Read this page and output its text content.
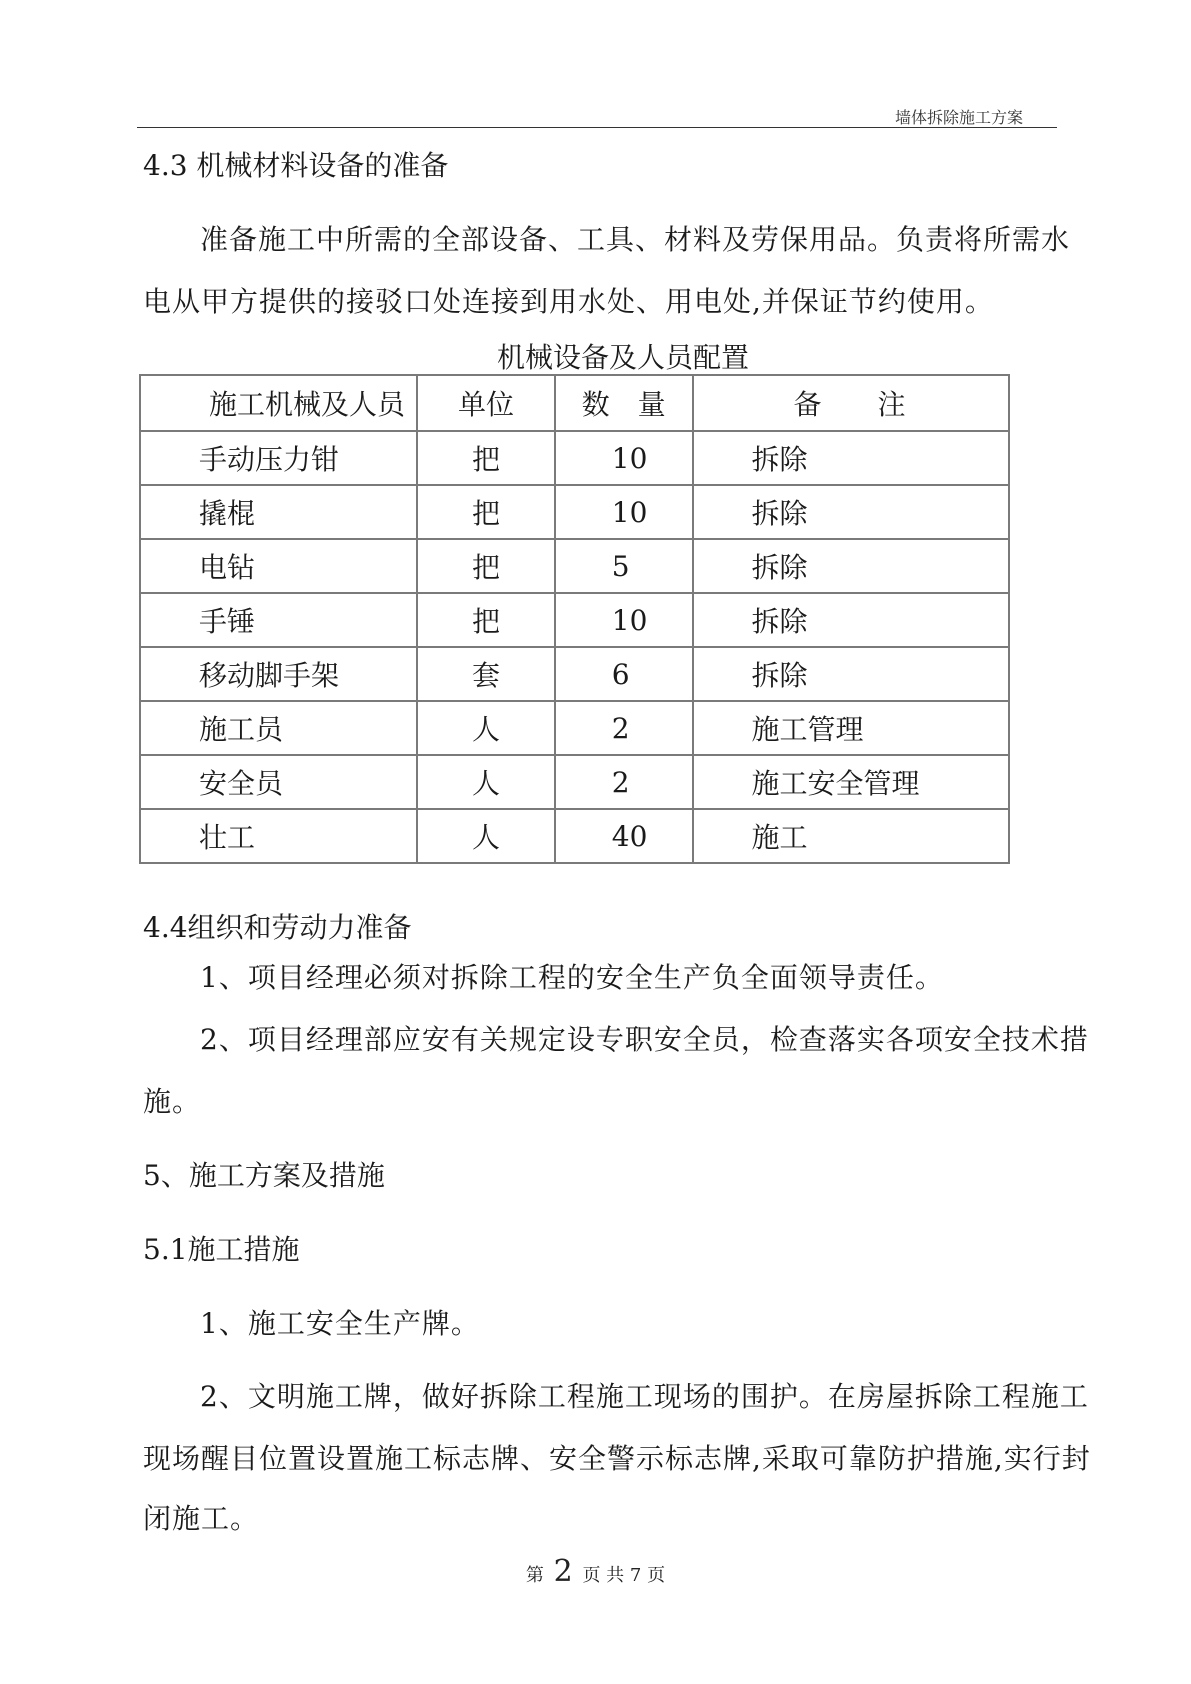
墙体拆除施工方案
4.3 机械材料设备的准备
准备施工中所需的全部设备、工具、材料及劳保用品。负责将所需水
电从甲方提供的接驳口处连接到用水处、用电处,并保证节约使用。
机械设备及人员配置
施工机械及人员	单位	数　量	备　　注
手动压力钳	把	10	拆除
撬棍	把	10	拆除
电钻	把	5	拆除
手锤	把	10	拆除
移动脚手架	套	6	拆除
施工员	人	2	施工管理
安全员	人	2	施工安全管理
壮工	人	40	施工
4.4组织和劳动力准备
1、项目经理必须对拆除工程的安全生产负全面领导责任。
2、项目经理部应安有关规定设专职安全员，检查落实各项安全技术措
施。
5、施工方案及措施
5.1施工措施
1、施工安全生产牌。
2、文明施工牌，做好拆除工程施工现场的围护。在房屋拆除工程施工
现场醒目位置设置施工标志牌、安全警示标志牌,采取可靠防护措施,实行封
闭施工。
第 2 页 共 7 页
